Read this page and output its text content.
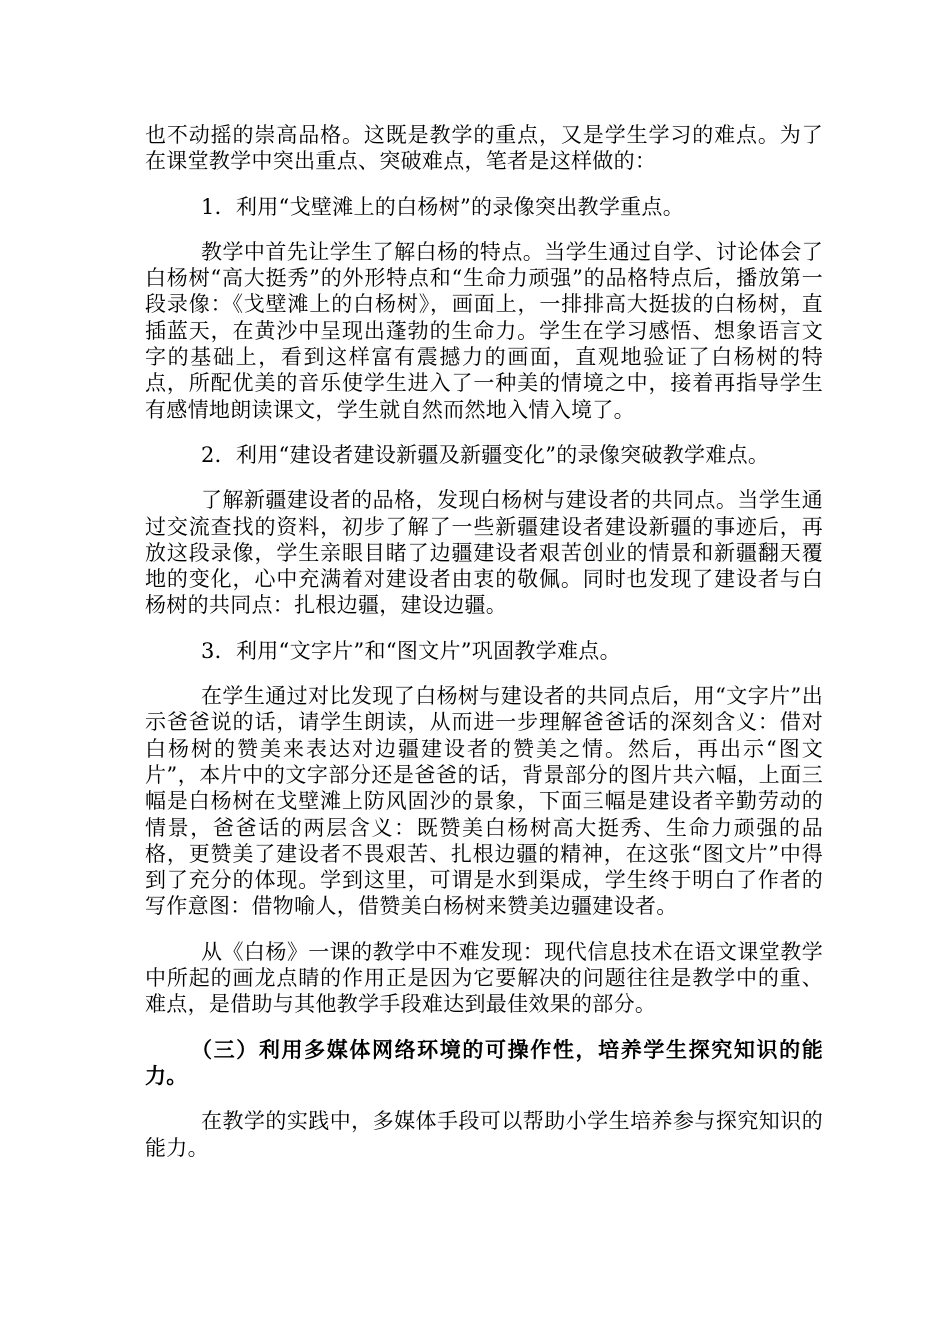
也不动摇的崇高品格。这既是教学的重点，又是学生学习的难点。为了在课堂教学中突出重点、突破难点，笔者是这样做的：

1．利用“戈壁滩上的白杨树”的录像突出教学重点。

教学中首先让学生了解白杨的特点。当学生通过自学、讨论体会了白杨树“高大挺秀”的外形特点和“生命力顽强”的品格特点后，播放第一段录像：《戈壁滩上的白杨树》，画面上，一排排高大挺拔的白杨树，直插蓝天，在黄沙中呈现出蓬勃的生命力。学生在学习感悟、想象语言文字的基础上，看到这样富有震撼力的画面，直观地验证了白杨树的特点，所配优美的音乐使学生进入了一种美的情境之中，接着再指导学生有感情地朗读课文，学生就自然而然地入情入境了。

2．利用“建设者建设新疆及新疆变化”的录像突破教学难点。

了解新疆建设者的品格，发现白杨树与建设者的共同点。当学生通过交流查找的资料，初步了解了一些新疆建设者建设新疆的事迹后，再放这段录像，学生亲眼目睹了边疆建设者艰苦创业的情景和新疆翻天覆地的变化，心中充满着对建设者由衷的敬佩。同时也发现了建设者与白杨树的共同点：扎根边疆，建设边疆。

3．利用“文字片”和“图文片”巩固教学难点。

在学生通过对比发现了白杨树与建设者的共同点后，用“文字片”出示爸爸说的话，请学生朗读，从而进一步理解爸爸话的深刻含义：借对白杨树的赞美来表达对边疆建设者的赞美之情。然后，再出示“图文片”，本片中的文字部分还是爸爸的话，背景部分的图片共六幅，上面三幅是白杨树在戈壁滩上防风固沙的景象，下面三幅是建设者辛勤劳动的情景，爸爸话的两层含义：既赞美白杨树高大挺秀、生命力顽强的品格，更赞美了建设者不畏艰苦、扎根边疆的精神，在这张“图文片”中得到了充分的体现。学到这里，可谓是水到渠成，学生终于明白了作者的写作意图：借物喻人，借赞美白杨树来赞美边疆建设者。

从《白杨》一课的教学中不难发现：现代信息技术在语文课堂教学中所起的画龙点睛的作用正是因为它要解决的问题往往是教学中的重、难点，是借助与其他教学手段难达到最佳效果的部分。

（三）利用多媒体网络环境的可操作性，培养学生探究知识的能力。

在教学的实践中，多媒体手段可以帮助小学生培养参与探究知识的能力。
